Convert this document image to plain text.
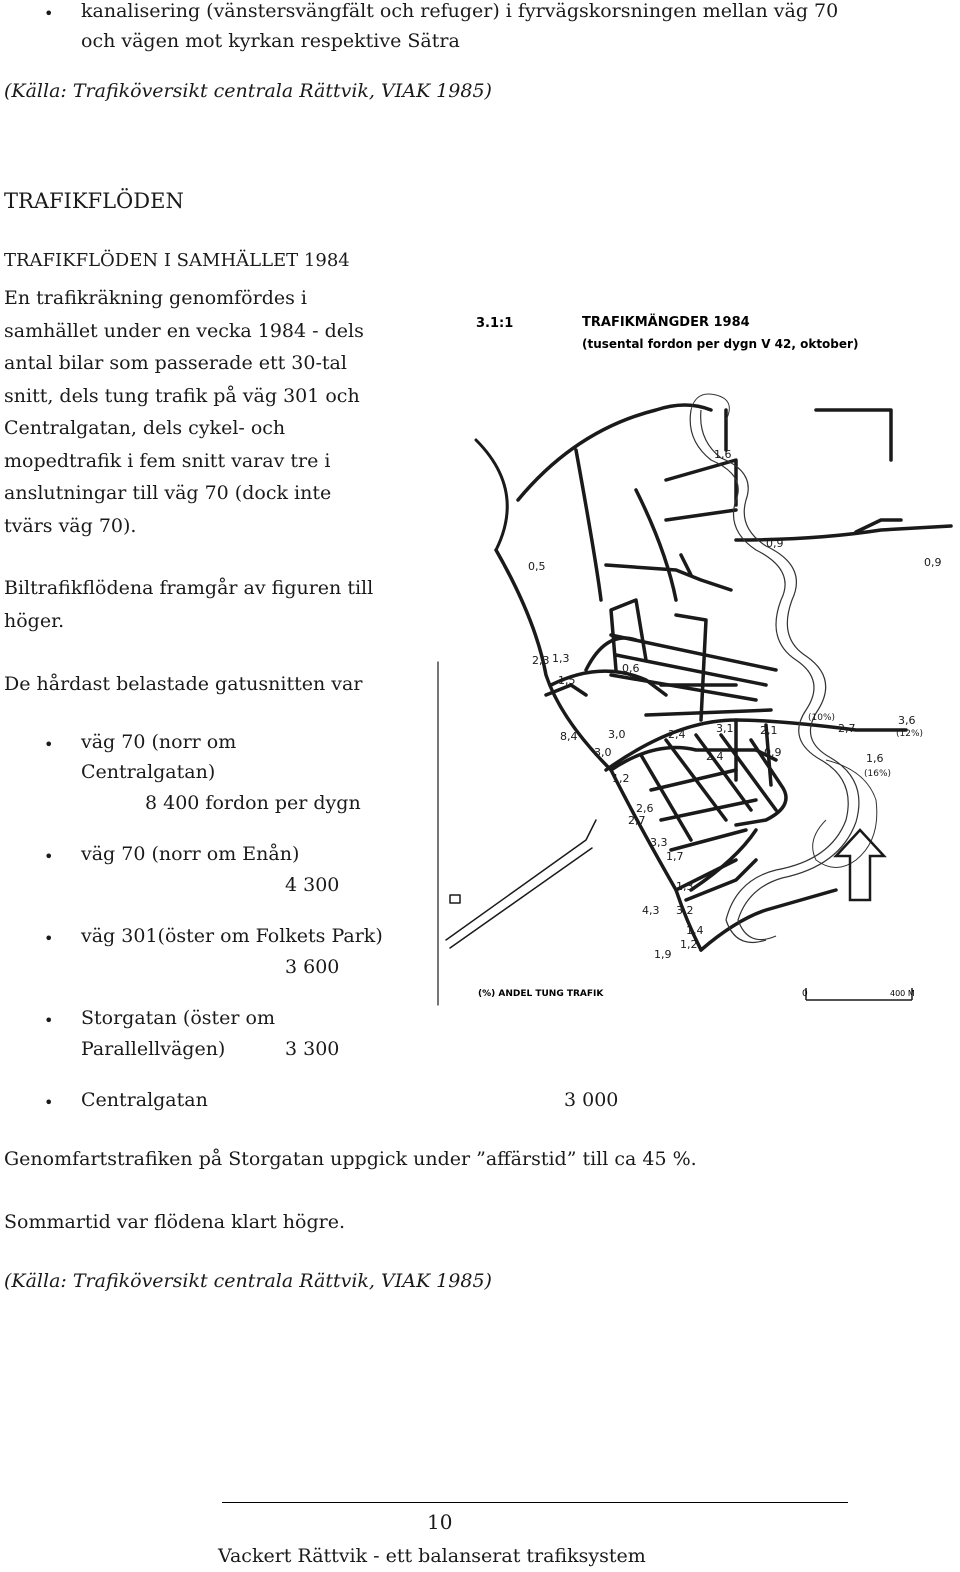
• kanalisering (vänstersvängfält och refuger) i fyrvägskorsningen mellan väg 70
och vägen mot kyrkan respektive Sätra
(Källa: Trafiköversikt centrala Rättvik, VIAK 1985)
TRAFIKFLÖDEN
TRAFIKFLÖDEN I SAMHÄLLET 1984
En trafikräkning genomfördes i
samhället under en vecka 1984 - dels
antal bilar som passerade ett 30-tal
snitt, dels tung trafik på väg 301 och
Centralgatan, dels cykel- och
mopedtrafik i fem snitt varav tre i
anslutningar till väg 70 (dock inte
tvärs väg 70).
Biltrafikflödena framgår av figuren till
höger.
De hårdast belastade gatusnitten var
• väg 70 (norr om
Centralgatan)
8 400 fordon per dygn
• väg 70 (norr om Enån)
4 300
• väg 301(öster om Folkets Park)
3 600
• Storgatan (öster om
Parallellvägen)	3 300
• Centralgatan	3 000
Genomfartstrafiken på Storgatan uppgick under ”affärstid” till ca 45 %.
Sommartid var flödena klart högre.
(Källa: Trafiköversikt centrala Rättvik, VIAK 1985)
3.1:1	TRAFIKMÄNGDER 1984
(tusental fordon per dygn V 42, oktober)
1,6
0,9
0,9
0,5
2,3 1,3
1,5
0,6
8,4	3,0
3,0
2,4	3,1 2,1
(10%)
2,7
3,6
(12%)
2,4	0,9	1,6
(16%)
1,2
2,6
2,7
3,3
1,7
1,3
4,3 3,2
1,4
1,2
1,9
(%) ANDEL TUNG TRAFIK	0	400 M
10
Vackert Rättvik - ett balanserat trafiksystem
